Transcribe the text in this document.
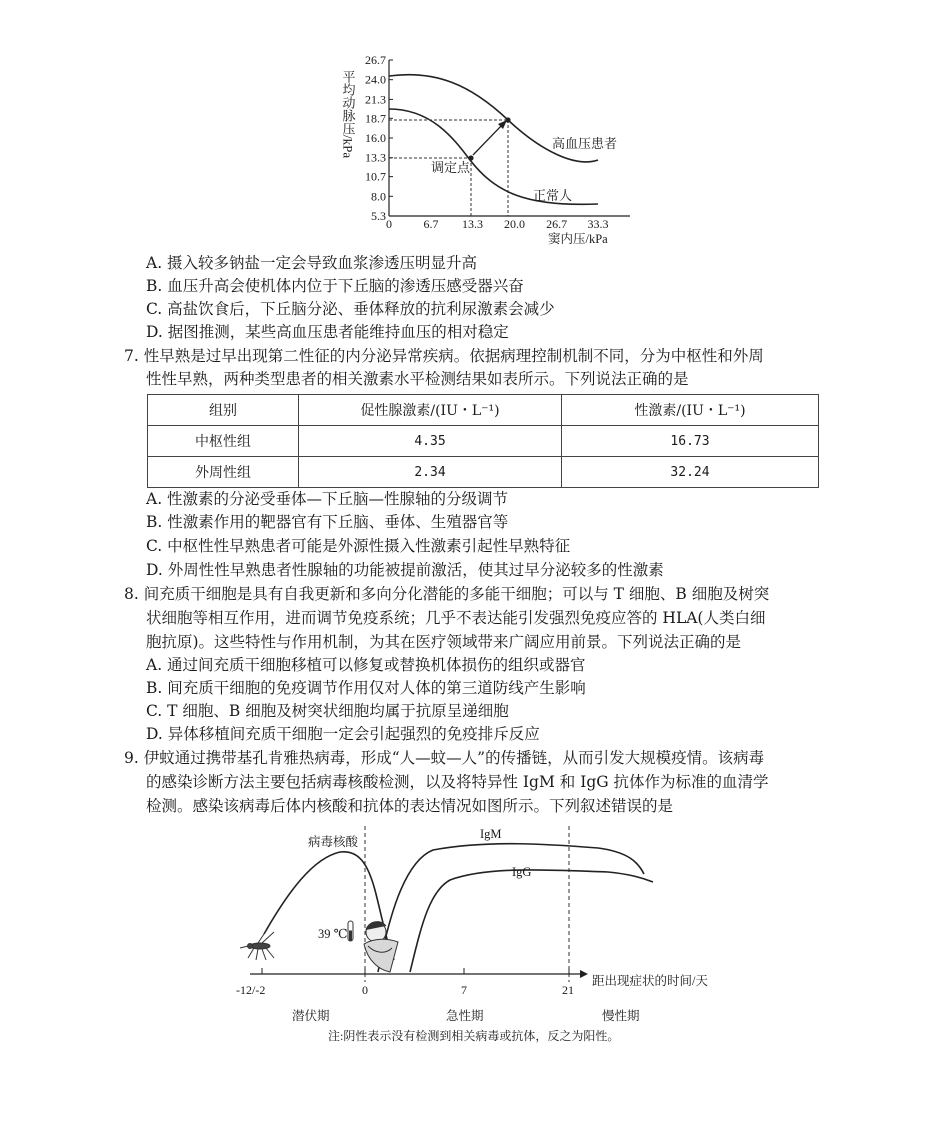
26.7
24.0
21.3
18.7
16.0
13.3
10.7
8.0
5.3
0	6.7 13.3 20.0 26.7 33.3
平均动脉压/kPa
窦内压/kPa
高血压患者
正常人
调定点
A. 摄入较多钠盐一定会导致血浆渗透压明显升高
B. 血压升高会使机体内位于下丘脑的渗透压感受器兴奋
C. 高盐饮食后，下丘脑分泌、垂体释放的抗利尿激素会减少
D. 据图推测，某些高血压患者能维持血压的相对稳定
7. 性早熟是过早出现第二性征的内分泌异常疾病。依据病理控制机制不同，分为中枢性和外周
性性早熟，两种类型患者的相关激素水平检测结果如表所示。下列说法正确的是
组别	促性腺激素/(IU・L⁻¹)	性激素/(IU・L⁻¹)
中枢性组	4.35	16.73
外周性组	2.34	32.24
A. 性激素的分泌受垂体—下丘脑—性腺轴的分级调节
B. 性激素作用的靶器官有下丘脑、垂体、生殖器官等
C. 中枢性性早熟患者可能是外源性摄入性激素引起性早熟特征
D. 外周性性早熟患者性腺轴的功能被提前激活，使其过早分泌较多的性激素
8. 间充质干细胞是具有自我更新和多向分化潜能的多能干细胞；可以与 T 细胞、B 细胞及树突
状细胞等相互作用，进而调节免疫系统；几乎不表达能引发强烈免疫应答的 HLA(人类白细
胞抗原)。这些特性与作用机制，为其在医疗领域带来广阔应用前景。下列说法正确的是
A. 通过间充质干细胞移植可以修复或替换机体损伤的组织或器官
B. 间充质干细胞的免疫调节作用仅对人体的第三道防线产生影响
C. T 细胞、B 细胞及树突状细胞均属于抗原呈递细胞
D. 异体移植间充质干细胞一定会引起强烈的免疫排斥反应
9. 伊蚊通过携带基孔肯雅热病毒，形成“人—蚊—人”的传播链，从而引发大规模疫情。该病毒
的感染诊断方法主要包括病毒核酸检测，以及将特异性 IgM 和 IgG 抗体作为标准的血清学
检测。感染该病毒后体内核酸和抗体的表达情况如图所示。下列叙述错误的是
病毒核酸
IgM
IgG
39 ℃
-12/-2	0	7	21
距出现症状的时间/天
潜伏期	急性期	慢性期
注:阴性表示没有检测到相关病毒或抗体，反之为阳性。
